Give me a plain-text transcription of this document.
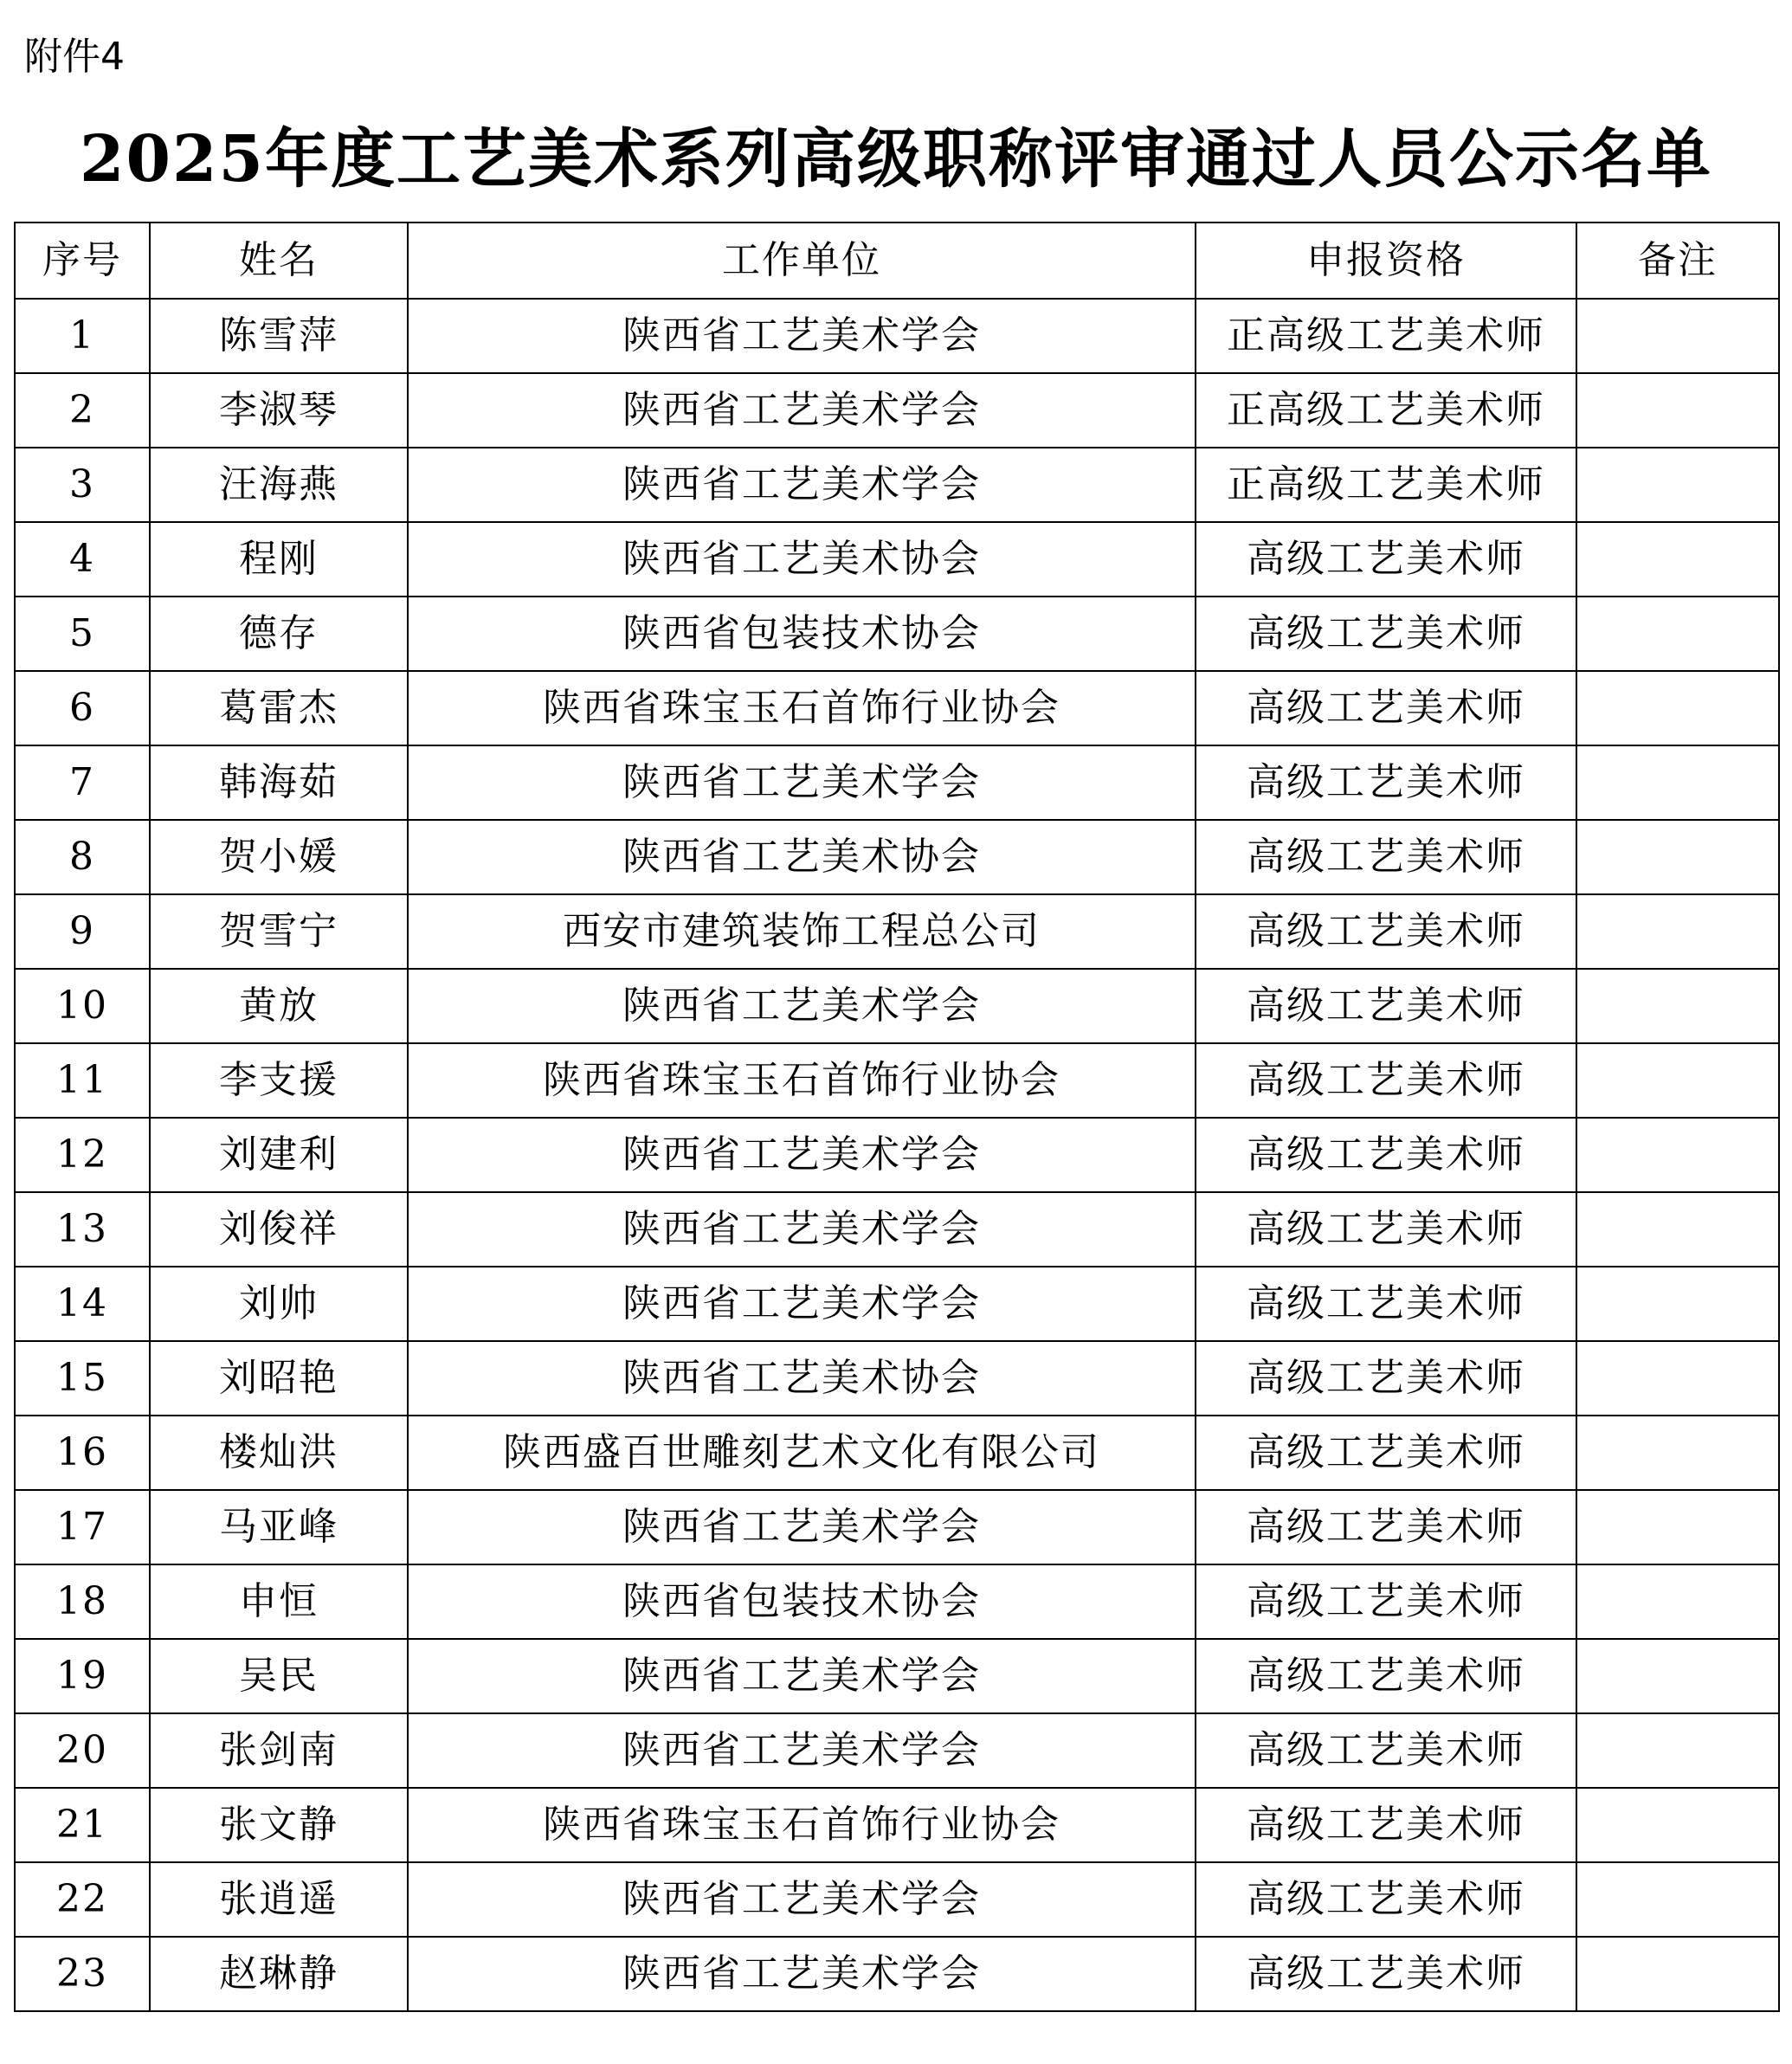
附件4
2025年度工艺美术系列高级职称评审通过人员公示名单
序号	姓名	工作单位	申报资格	备注
1	陈雪萍	陕西省工艺美术学会	正高级工艺美术师	
2	李淑琴	陕西省工艺美术学会	正高级工艺美术师	
3	汪海燕	陕西省工艺美术学会	正高级工艺美术师	
4	程刚	陕西省工艺美术协会	高级工艺美术师	
5	德存	陕西省包装技术协会	高级工艺美术师	
6	葛雷杰	陕西省珠宝玉石首饰行业协会	高级工艺美术师	
7	韩海茹	陕西省工艺美术学会	高级工艺美术师	
8	贺小媛	陕西省工艺美术协会	高级工艺美术师	
9	贺雪宁	西安市建筑装饰工程总公司	高级工艺美术师	
10	黄放	陕西省工艺美术学会	高级工艺美术师	
11	李支援	陕西省珠宝玉石首饰行业协会	高级工艺美术师	
12	刘建利	陕西省工艺美术学会	高级工艺美术师	
13	刘俊祥	陕西省工艺美术学会	高级工艺美术师	
14	刘帅	陕西省工艺美术学会	高级工艺美术师	
15	刘昭艳	陕西省工艺美术协会	高级工艺美术师	
16	楼灿洪	陕西盛百世雕刻艺术文化有限公司	高级工艺美术师	
17	马亚峰	陕西省工艺美术学会	高级工艺美术师	
18	申恒	陕西省包装技术协会	高级工艺美术师	
19	吴民	陕西省工艺美术学会	高级工艺美术师	
20	张剑南	陕西省工艺美术学会	高级工艺美术师	
21	张文静	陕西省珠宝玉石首饰行业协会	高级工艺美术师	
22	张逍遥	陕西省工艺美术学会	高级工艺美术师	
23	赵琳静	陕西省工艺美术学会	高级工艺美术师	
